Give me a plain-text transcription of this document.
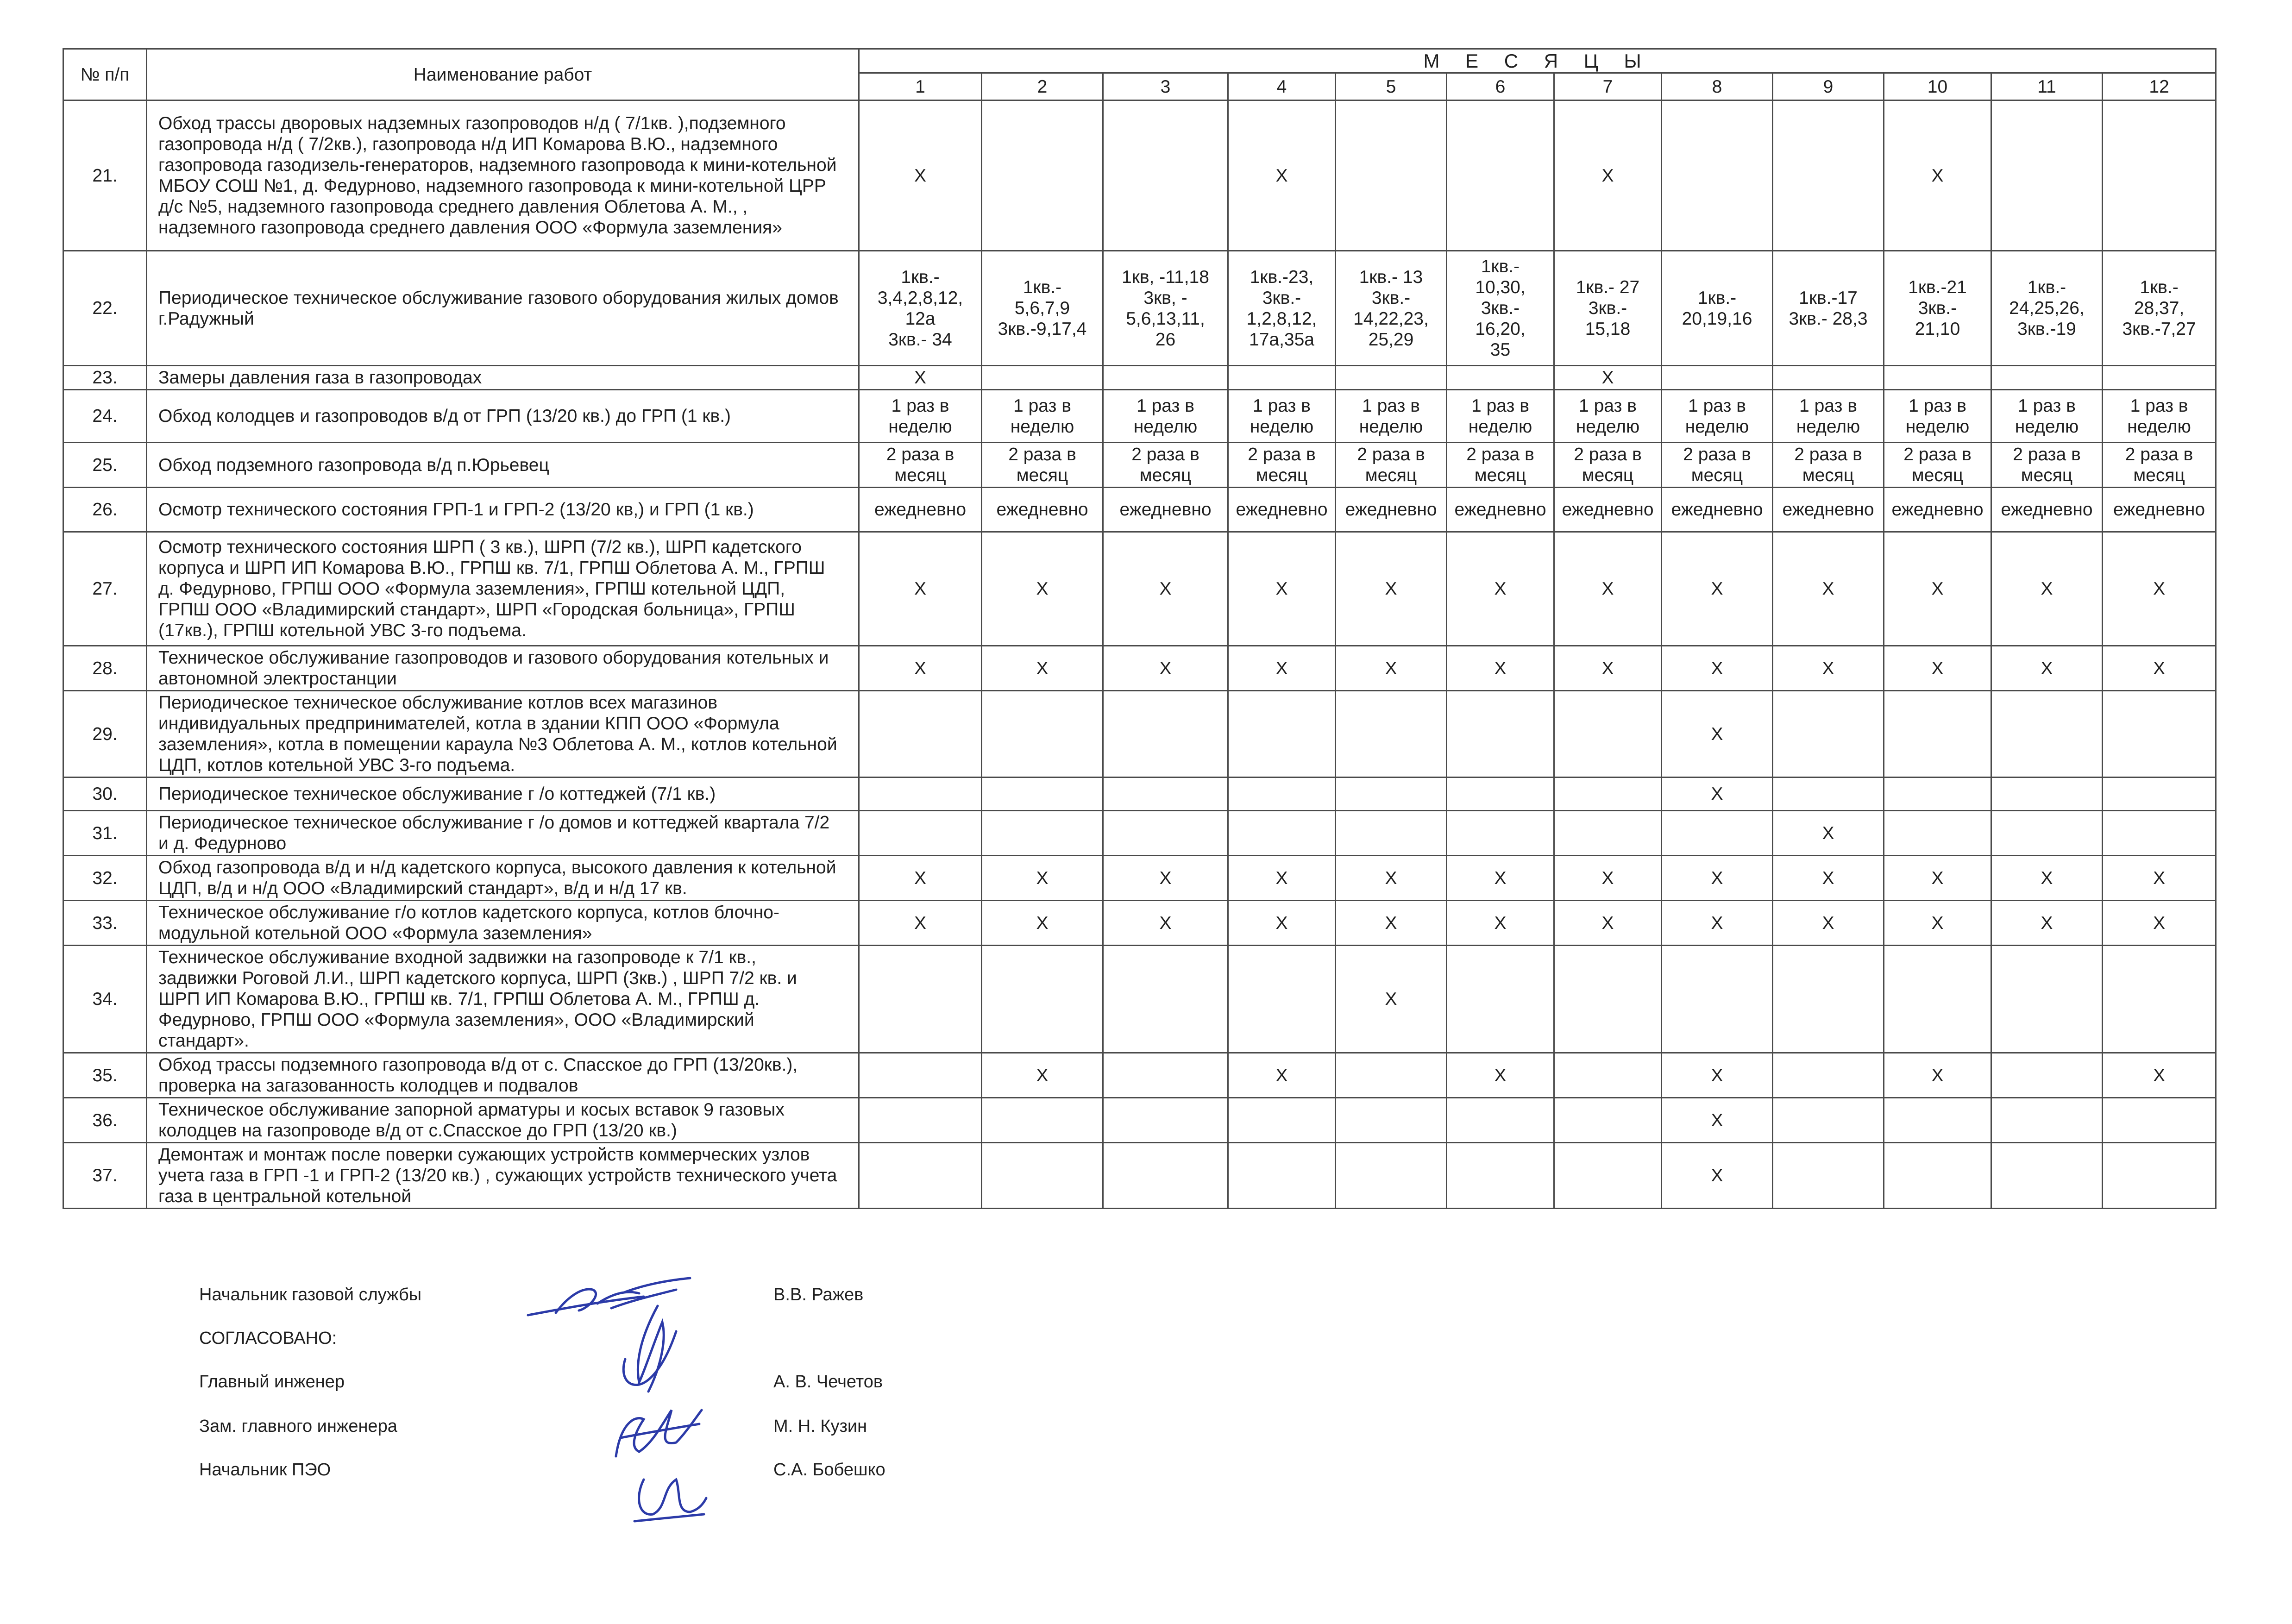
№ п/п	Наименование работ	М Е С Я Ц Ы											
		1	2	3	4	5	6	7	8	9	10	11	12
21.	Обход трассы дворовых надземных газопроводов н/д ( 7/1кв. ),подземного газопровода н/д ( 7/2кв.), газопровода н/д ИП Комарова В.Ю., надземного газопровода газодизель-генераторов, надземного газопровода к мини-котельной МБОУ СОШ №1, д. Федурново, надземного газопровода к мини-котельной ЦРР д/с №5, надземного газопровода среднего давления Облетова А. М., , надземного газопровода среднего давления ООО «Формула заземления»	X			X			X			X		
22.	Периодическое техническое обслуживание газового оборудования жилых домов г.Радужный	1кв.-
3,4,2,8,12,
12а
3кв.- 34	1кв.-
5,6,7,9
3кв.-9,17,4	1кв, -11,18
3кв, -
5,6,13,11,
26	1кв.-23,
3кв.-
1,2,8,12,
17а,35а	1кв.- 13
3кв.-
14,22,23,
25,29	1кв.-
10,30,
3кв.-
16,20,
35	1кв.- 27
3кв.-
15,18	1кв.-
20,19,16	1кв.-17
3кв.- 28,3	1кв.-21
3кв.-
21,10	1кв.-
24,25,26,
3кв.-19	1кв.-
28,37,
3кв.-7,27
23.	Замеры давления газа в газопроводах	X						X					
24.	Обход колодцев и газопроводов в/д от ГРП (13/20 кв.) до ГРП (1 кв.)	1 раз в
неделю	1 раз в
неделю	1 раз в
неделю	1 раз в
неделю	1 раз в
неделю	1 раз в
неделю	1 раз в
неделю	1 раз в
неделю	1 раз в
неделю	1 раз в
неделю	1 раз в
неделю	1 раз в
неделю
25.	Обход подземного газопровода в/д п.Юрьевец	2 раза в
месяц	2 раза в
месяц	2 раза в
месяц	2 раза в
месяц	2 раза в
месяц	2 раза в
месяц	2 раза в
месяц	2 раза в
месяц	2 раза в
месяц	2 раза в
месяц	2 раза в
месяц	2 раза в
месяц
26.	Осмотр технического состояния ГРП-1 и ГРП-2 (13/20 кв,) и ГРП (1 кв.)	ежедневно	ежедневно	ежедневно	ежедневно	ежедневно	ежедневно	ежедневно	ежедневно	ежедневно	ежедневно	ежедневно	ежедневно
27.	Осмотр технического состояния ШРП ( 3 кв.), ШРП (7/2 кв.), ШРП кадетского корпуса и ШРП ИП Комарова В.Ю., ГРПШ кв. 7/1, ГРПШ Облетова А. М., ГРПШ д. Федурново, ГРПШ ООО «Формула заземления», ГРПШ котельной ЦДП, ГРПШ ООО «Владимирский стандарт», ШРП «Городская больница», ГРПШ (17кв.), ГРПШ котельной УВС 3-го подъема.	X	X	X	X	X	X	X	X	X	X	X	X
28.	Техническое обслуживание газопроводов и газового оборудования котельных и автономной электростанции	X	X	X	X	X	X	X	X	X	X	X	X
29.	Периодическое техническое обслуживание котлов всех магазинов индивидуальных предпринимателей, котла в здании КПП ООО «Формула заземления», котла в помещении караула №3 Облетова А. М., котлов котельной ЦДП, котлов котельной УВС 3-го подъема.								X				
30.	Периодическое техническое обслуживание г /о коттеджей (7/1 кв.)								X				
31.	Периодическое техническое обслуживание г /о домов и коттеджей квартала 7/2 и д. Федурново									X			
32.	Обход газопровода в/д и н/д кадетского корпуса, высокого давления к котельной ЦДП, в/д и н/д ООО «Владимирский стандарт», в/д и н/д 17 кв.	X	X	X	X	X	X	X	X	X	X	X	X
33.	Техническое обслуживание г/о котлов кадетского корпуса, котлов блочно-модульной котельной ООО «Формула заземления»	X	X	X	X	X	X	X	X	X	X	X	X
34.	Техническое обслуживание входной задвижки на газопроводе к 7/1 кв., задвижки Роговой Л.И., ШРП кадетского корпуса, ШРП (3кв.) , ШРП 7/2 кв. и ШРП ИП Комарова В.Ю., ГРПШ кв. 7/1, ГРПШ Облетова А. М., ГРПШ д. Федурново, ГРПШ ООО «Формула заземления», ООО «Владимирский стандарт».					X							
35.	Обход трассы подземного газопровода в/д от с. Спасское до ГРП (13/20кв.), проверка на загазованность колодцев и подвалов		X		X		X		X		X		X
36.	Техническое обслуживание запорной арматуры и косых вставок 9 газовых колодцев на газопроводе в/д от с.Спасское до ГРП (13/20 кв.)								X				
37.	Демонтаж и монтаж после поверки сужающих устройств коммерческих узлов учета газа в ГРП -1 и ГРП-2 (13/20 кв.) , сужающих устройств технического учета газа в центральной котельной								X				
Начальник газовой службы	В.В. Ражев
СОГЛАСОВАНО:
Главный инженер	А. В. Чечетов
Зам. главного инженера	М. Н. Кузин
Начальник ПЭО	С.А. Бобешко
